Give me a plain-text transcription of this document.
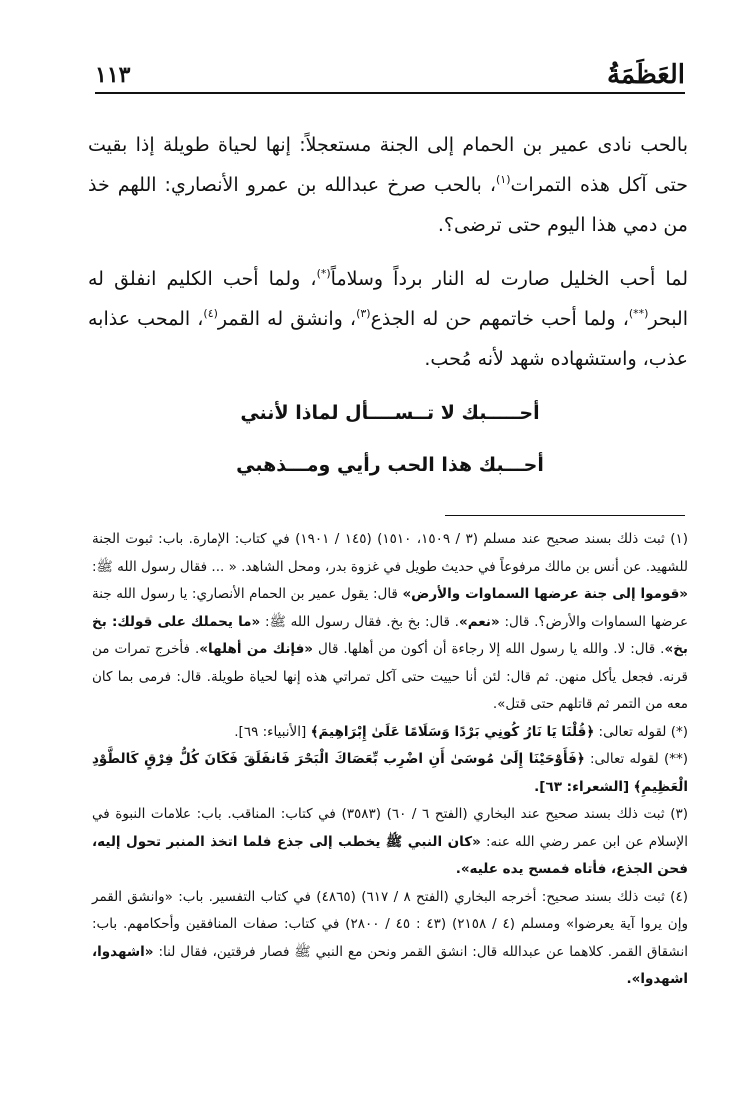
العَظَمَةُ
١١٣

بالحب نادى عمير بن الحمام إلى الجنة مستعجلاً: إنها لحياة طويلة إذا بقيت حتى آكل هذه التمرات$^{(١)}$، بالحب صرخ عبدالله بن عمرو الأنصاري: اللهم خذ من دمي هذا اليوم حتى ترضى؟.

لما أحب الخليل صارت له النار برداً وسلاماً(*)، ولما أحب الكليم انفلق له البحر(**)، ولما أحب خاتمهم حن له الجذع$^{(٣)}$، وانشق له القمر$^{(٤)}$، المحب عذابه عذب، واستشهاده شهد لأنه مُحب.

أحـــــبك لا تــســــأل لماذا لأنني
أحـــبك هذا الحب رأيي ومـــذهبي

(١) ثبت ذلك بسند صحيح عند مسلم (٣ / ١٥٠٩، ١٥١٠) (١٤٥ / ١٩٠١) في كتاب: الإمارة. باب: ثبوت الجنة للشهيد. عن أنس بن مالك مرفوعاً في حديث طويل في غزوة بدر، ومحل الشاهد. « ... فقال رسول الله ﷺ: «قوموا إلى جنة عرضها السماوات والأرض» قال: يقول عمير بن الحمام الأنصاري: يا رسول الله جنة عرضها السماوات والأرض؟. قال: «نعم». قال: بخ بخ. فقال رسول الله ﷺ: «ما يحملك على قولك: بخ بخ». قال: لا. والله يا رسول الله إلا رجاءة أن أكون من أهلها. قال «فإنك من أهلها». فأخرج تمرات من قرنه. فجعل يأكل منهن. ثم قال: لئن أنا حييت حتى آكل تمراتي هذه إنها لحياة طويلة. قال: فرمى بما كان معه من التمر ثم قاتلهم حتى قتل».

(*) لقوله تعالى: ﴿قُلْنَا يَا نَارُ كُونِي بَرْدًا وَسَلَامًا عَلَىٰ إِبْرَاهِيمَ﴾ [الأنبياء: ٦٩].

(**) لقوله تعالى: ﴿فَأَوْحَيْنَا إِلَىٰ مُوسَىٰ أَنِ اضْرِب بِّعَصَاكَ الْبَحْرَ فَانفَلَقَ فَكَانَ كُلُّ فِرْقٍ كَالطَّوْدِ الْعَظِيمِ﴾ [الشعراء: ٦٣].

(٣) ثبت ذلك بسند صحيح عند البخاري (الفتح ٦ / ٦٠) (٣٥٨٣) في كتاب: المناقب. باب: علامات النبوة في الإسلام عن ابن عمر رضي الله عنه: «كان النبي ﷺ يخطب إلى جذع فلما اتخذ المنبر تحول إليه، فحن الجذع، فأتاه فمسح يده عليه».

(٤) ثبت ذلك بسند صحيح: أخرجه البخاري (الفتح ٨ / ٦١٧) (٤٨٦٥) في كتاب التفسير. باب: «وانشق القمر وإن يروا آية يعرضوا» ومسلم (٤ / ٢١٥٨) (٤٣ : ٤٥ / ٢٨٠٠) في كتاب: صفات المنافقين وأحكامهم. باب: انشقاق القمر. كلاهما عن عبدالله قال: انشق القمر ونحن مع النبي ﷺ فصار فرقتين، فقال لنا: «اشهدوا، اشهدوا».
